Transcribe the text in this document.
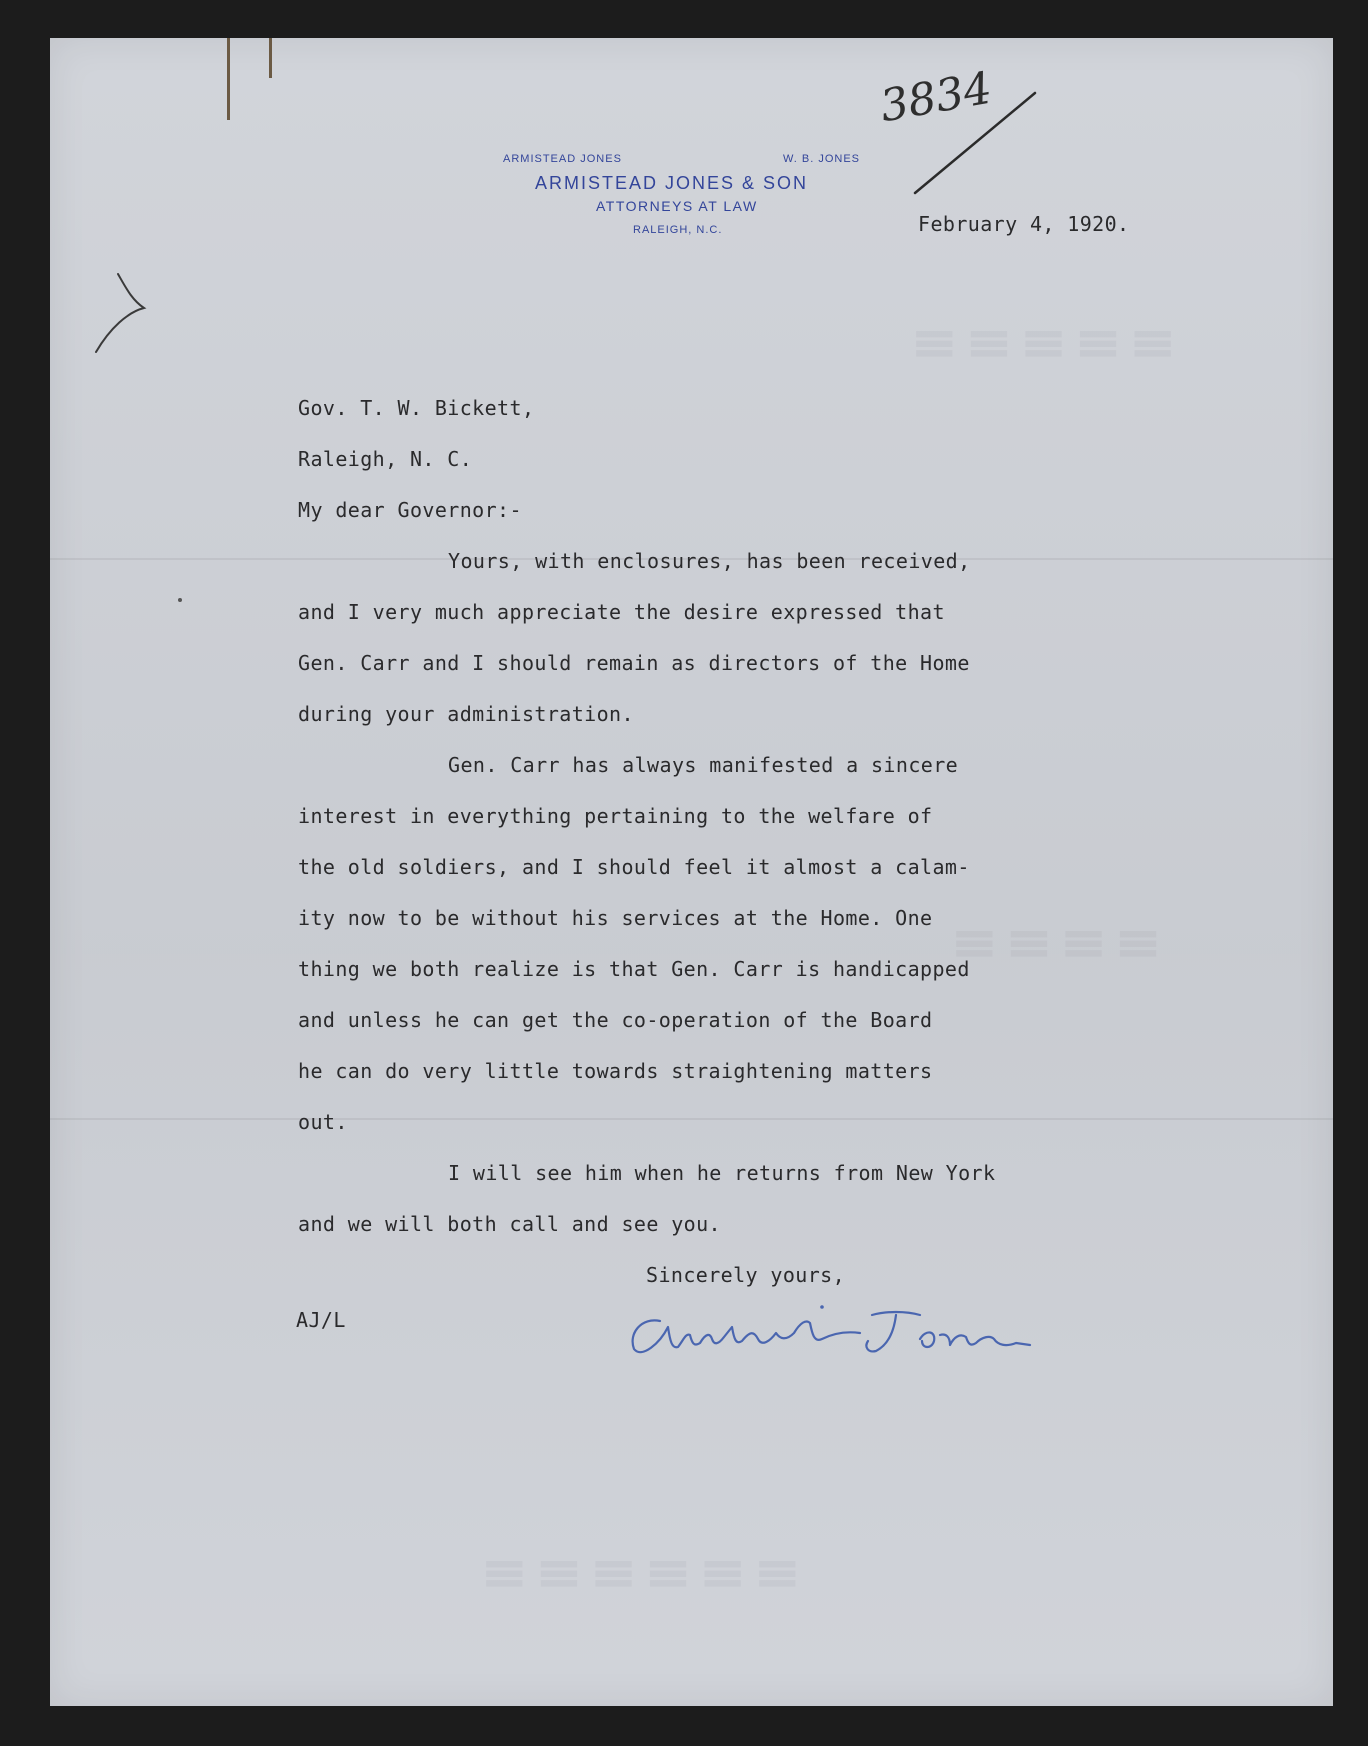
≡≡≡≡≡
≡≡≡≡
≡≡≡≡≡≡
3834
ARMISTEAD JONES	W. B. JONES
ARMISTEAD JONES & SON
ATTORNEYS AT LAW
RALEIGH, N.C.	February 4, 1920.
Gov. T. W. Bickett,
Raleigh, N. C.
My dear Governor:-
Yours, with enclosures, has been received,
and I very much appreciate the desire expressed that
Gen. Carr and I should remain as directors of the Home
during your administration.
Gen. Carr has always manifested a sincere
interest in everything pertaining to the welfare of
the old soldiers, and I should feel it almost a calam-
ity now to be without his services at the Home. One
thing we both realize is that Gen. Carr is handicapped
and unless he can get the co-operation of the Board
he can do very little towards straightening matters
out.
I will see him when he returns from New York
and we will both call and see you.
Sincerely yours,
AJ/L
